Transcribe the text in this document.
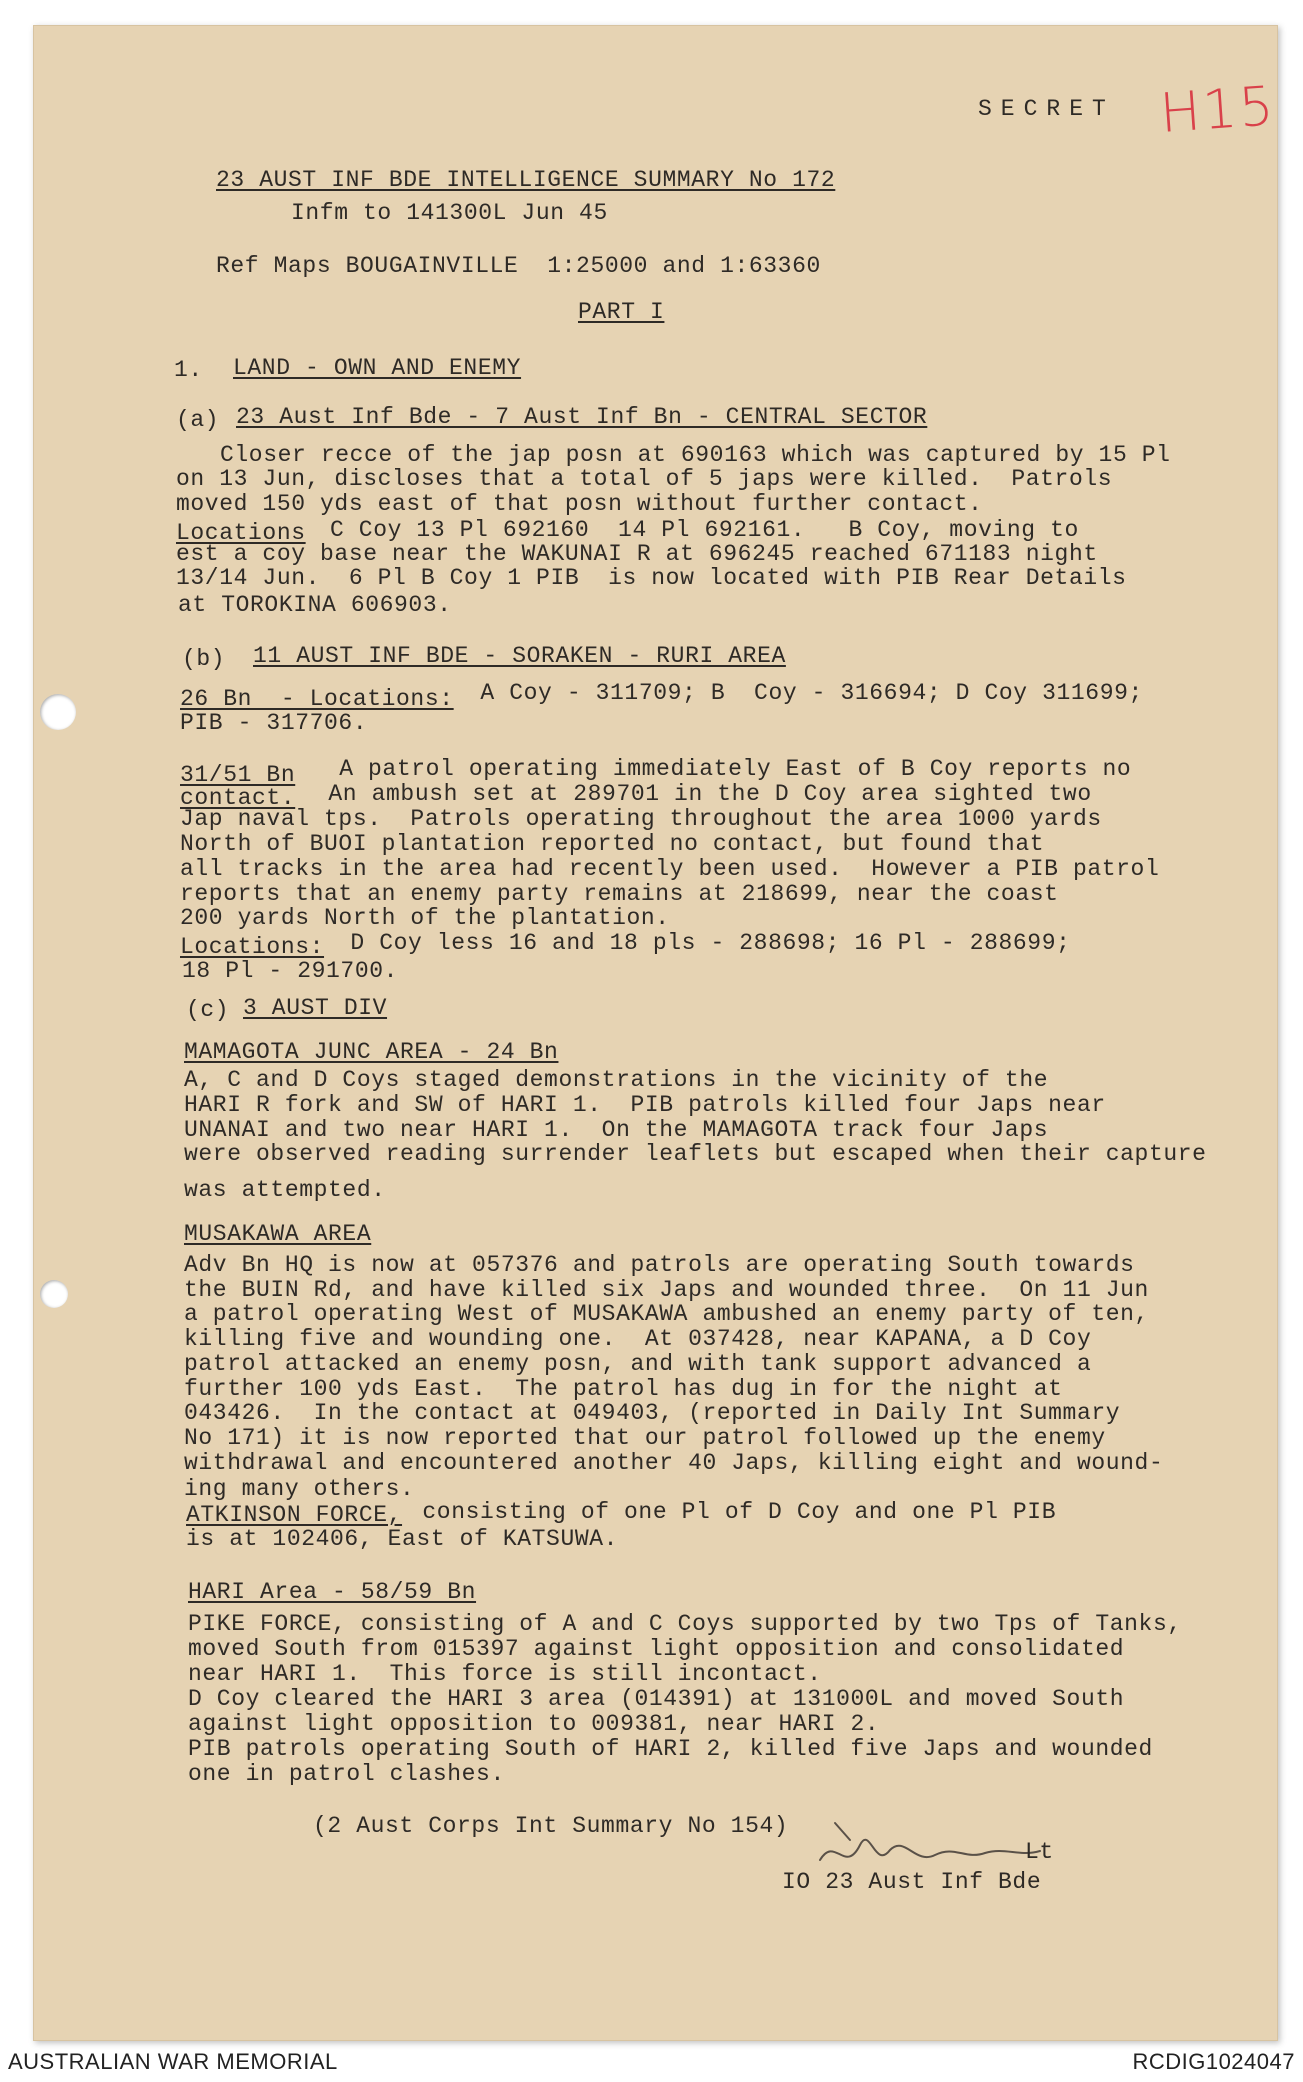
SECRET H15
23 AUST INF BDE INTELLIGENCE SUMMARY No 172
Infm to 141300L Jun 45
Ref Maps BOUGAINVILLE  1:25000 and 1:63360
PART I
1. LAND - OWN AND ENEMY
(a) 23 Aust Inf Bde - 7 Aust Inf Bn - CENTRAL SECTOR
Closer recce of the jap posn at 690163 which was captured by 15 Pl
on 13 Jun, discloses that a total of 5 japs were killed.  Patrols
moved 150 yds east of that posn without further contact.
Locations C Coy 13 Pl 692160  14 Pl 692161.   B Coy, moving to
est a coy base near the WAKUNAI R at 696245 reached 671183 night
13/14 Jun.  6 Pl B Coy 1 PIB  is now located with PIB Rear Details
at TOROKINA 606903.
(b) 11 AUST INF BDE - SORAKEN - RURI AREA
26 Bn  - Locations: A Coy - 311709; B  Coy - 316694; D Coy 311699;
PIB - 317706.
31/51 Bn A patrol operating immediately East of B Coy reports no
contact. An ambush set at 289701 in the D Coy area sighted two
Jap naval tps.  Patrols operating throughout the area 1000 yards
North of BUOI plantation reported no contact, but found that
all tracks in the area had recently been used.  However a PIB patrol
reports that an enemy party remains at 218699, near the coast
200 yards North of the plantation.
Locations: D Coy less 16 and 18 pls - 288698; 16 Pl - 288699;
18 Pl - 291700.
(c) 3 AUST DIV
MAMAGOTA JUNC AREA - 24 Bn
A, C and D Coys staged demonstrations in the vicinity of the
HARI R fork and SW of HARI 1.  PIB patrols killed four Japs near
UNANAI and two near HARI 1.  On the MAMAGOTA track four Japs
were observed reading surrender leaflets but escaped when their capture
was attempted.
MUSAKAWA AREA
Adv Bn HQ is now at 057376 and patrols are operating South towards
the BUIN Rd, and have killed six Japs and wounded three.  On 11 Jun
a patrol operating West of MUSAKAWA ambushed an enemy party of ten,
killing five and wounding one.  At 037428, near KAPANA, a D Coy
patrol attacked an enemy posn, and with tank support advanced a
further 100 yds East.  The patrol has dug in for the night at
043426.  In the contact at 049403, (reported in Daily Int Summary
No 171) it is now reported that our patrol followed up the enemy
withdrawal and encountered another 40 Japs, killing eight and wound-
ing many others.
ATKINSON FORCE, consisting of one Pl of D Coy and one Pl PIB
is at 102406, East of KATSUWA.
HARI Area - 58/59 Bn
PIKE FORCE, consisting of A and C Coys supported by two Tps of Tanks,
moved South from 015397 against light opposition and consolidated
near HARI 1.  This force is still incontact.
D Coy cleared the HARI 3 area (014391) at 131000L and moved South
against light opposition to 009381, near HARI 2.
PIB patrols operating South of HARI 2, killed five Japs and wounded
one in patrol clashes.
(2 Aust Corps Int Summary No 154)
Lt
IO 23 Aust Inf Bde
AUSTRALIAN WAR MEMORIAL	RCDIG1024047
